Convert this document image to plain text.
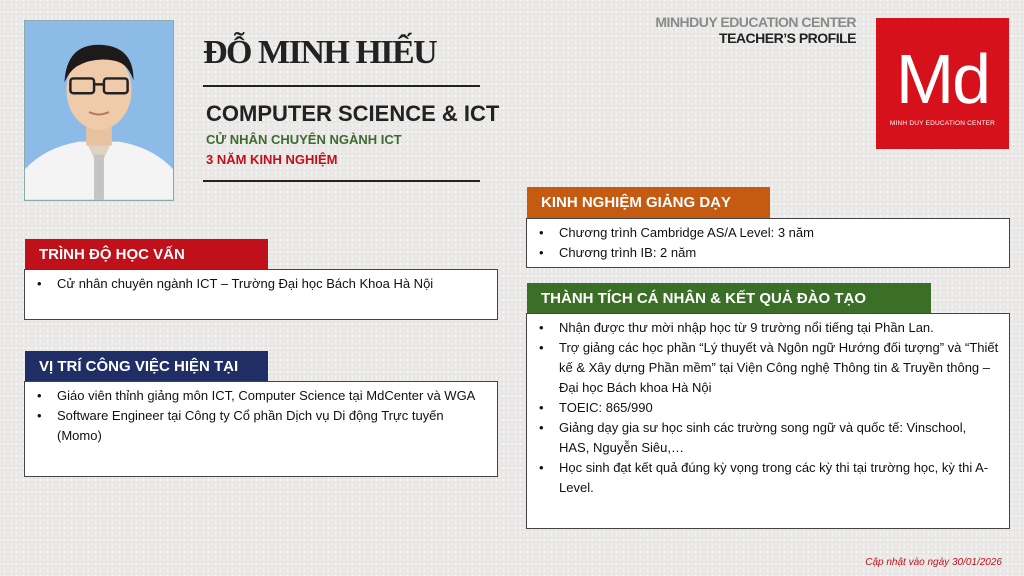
ĐỖ MINH HIẾU
COMPUTER SCIENCE & ICT
CỬ NHÂN CHUYÊN NGÀNH ICT
3 NĂM KINH NGHIỆM
MINHDUY EDUCATION CENTER
TEACHER’S PROFILE
Md
MINH DUY EDUCATION CENTER
TRÌNH ĐỘ HỌC VẤN
• Cử nhân chuyên ngành ICT – Trường Đại học Bách Khoa Hà Nội
VỊ TRÍ CÔNG VIỆC HIỆN TẠI
• Giáo viên thỉnh giảng môn ICT, Computer Science tại MdCenter và WGA
• Software Engineer tại Công ty Cổ phần Dịch vụ Di động Trực tuyến (Momo)
KINH NGHIỆM GIẢNG DẠY
• Chương trình Cambridge AS/A Level: 3 năm
• Chương trình IB: 2 năm
THÀNH TÍCH CÁ NHÂN & KẾT QUẢ ĐÀO TẠO
• Nhận được thư mời nhập học từ 9 trường nổi tiếng tại Phần Lan.
• Trợ giảng các học phần “Lý thuyết và Ngôn ngữ Hướng đối tượng” và “Thiết kế & Xây dựng Phần mềm” tại Viện Công nghệ Thông tin & Truyền thông – Đại học Bách khoa Hà Nội
• TOEIC: 865/990
• Giảng dạy gia sư học sinh các trường song ngữ và quốc tế: Vinschool, HAS, Nguyễn Siêu,…
• Học sinh đạt kết quả đúng kỳ vọng trong các kỳ thi tại trường học, kỳ thi A-Level.
Cập nhật vào ngày 30/01/2026
